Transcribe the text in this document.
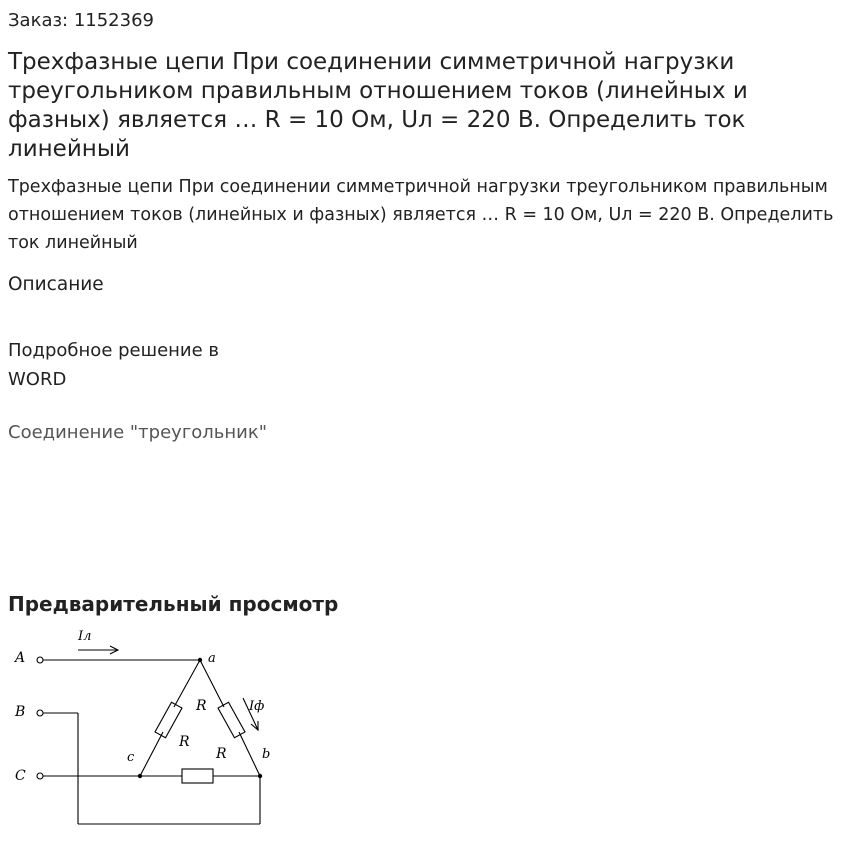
Заказ: 1152369
Трехфазные цепи При соединении симметричной нагрузки треугольником правильным отношением токов (линейных и фазных) является … R = 10 Ом, Uл = 220 В. Определить ток линейный

Трехфазные цепи При соединении симметричной нагрузки треугольником правильным отношением токов (линейных и фазных) является … R = 10 Ом, Uл = 220 В. Определить ток линейный

Описание
Подробное решение в WORD
Соединение "треугольник"
Предварительный просмотр
A
B
C
a
b
c
Iл
Iф
R
R
R
